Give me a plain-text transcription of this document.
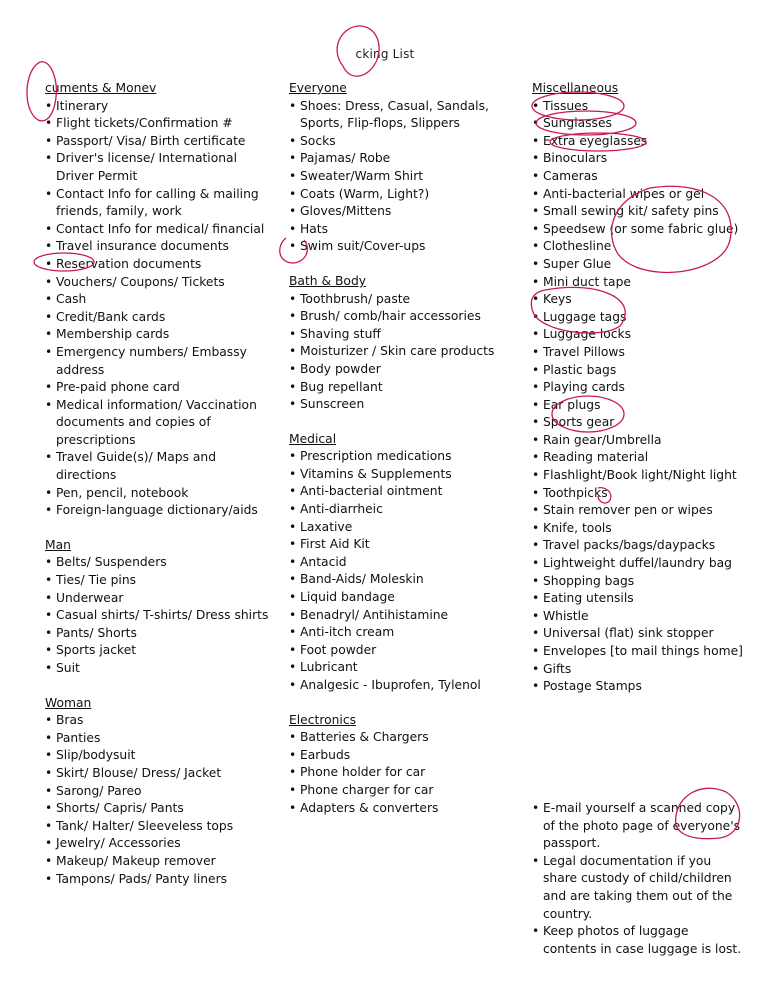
cking List
cuments & Monev
• Itinerary
• Flight tickets/Confirmation #
• Passport/ Visa/ Birth certificate
• Driver's license/ International Driver Permit
• Contact Info for calling & mailing friends, family, work
• Contact Info for medical/ financial
• Travel insurance documents
• Reservation documents
• Vouchers/ Coupons/ Tickets
• Cash
• Credit/Bank cards
• Membership cards
• Emergency numbers/ Embassy address
• Pre-paid phone card
• Medical information/ Vaccination documents and copies of prescriptions
• Travel Guide(s)/ Maps and directions
• Pen, pencil, notebook
• Foreign-language dictionary/aids
Man
• Belts/ Suspenders
• Ties/ Tie pins
• Underwear
• Casual shirts/ T-shirts/ Dress shirts
• Pants/ Shorts
• Sports jacket
• Suit
Woman
• Bras
• Panties
• Slip/bodysuit
• Skirt/ Blouse/ Dress/ Jacket
• Sarong/ Pareo
• Shorts/ Capris/ Pants
• Tank/ Halter/ Sleeveless tops
• Jewelry/ Accessories
• Makeup/ Makeup remover
• Tampons/ Pads/ Panty liners
Everyone
• Shoes: Dress, Casual, Sandals, Sports, Flip-flops, Slippers
• Socks
• Pajamas/ Robe
• Sweater/Warm Shirt
• Coats (Warm, Light?)
• Gloves/Mittens
• Hats
• Swim suit/Cover-ups
Bath & Body
• Toothbrush/ paste
• Brush/ comb/hair accessories
• Shaving stuff
• Moisturizer / Skin care products
• Body powder
• Bug repellant
• Sunscreen
Medical
• Prescription medications
• Vitamins & Supplements
• Anti-bacterial ointment
• Anti-diarrheic
• Laxative
• First Aid Kit
• Antacid
• Band-Aids/ Moleskin
• Liquid bandage
• Benadryl/ Antihistamine
• Anti-itch cream
• Foot powder
• Lubricant
• Analgesic - Ibuprofen, Tylenol
Electronics
• Batteries & Chargers
• Earbuds
• Phone holder for car
• Phone charger for car
• Adapters & converters
Miscellaneous
• Tissues
• Sunglasses
• Extra eyeglasses
• Binoculars
• Cameras
• Anti-bacterial wipes or gel
• Small sewing kit/ safety pins
• Speedsew (or some fabric glue)
• Clothesline
• Super Glue
• Mini duct tape
• Keys
• Luggage tags
• Luggage locks
• Travel Pillows
• Plastic bags
• Playing cards
• Ear plugs
• Sports gear
• Rain gear/Umbrella
• Reading material
• Flashlight/Book light/Night light
• Toothpicks
• Stain remover pen or wipes
• Knife, tools
• Travel packs/bags/daypacks
• Lightweight duffel/laundry bag
• Shopping bags
• Eating utensils
• Whistle
• Universal (flat) sink stopper
• Envelopes [to mail things home]
• Gifts
• Postage Stamps
• E-mail yourself a scanned copy of the photo page of everyone's passport.
• Legal documentation if you share custody of child/children and are taking them out of the country.
• Keep photos of luggage contents in case luggage is lost.
